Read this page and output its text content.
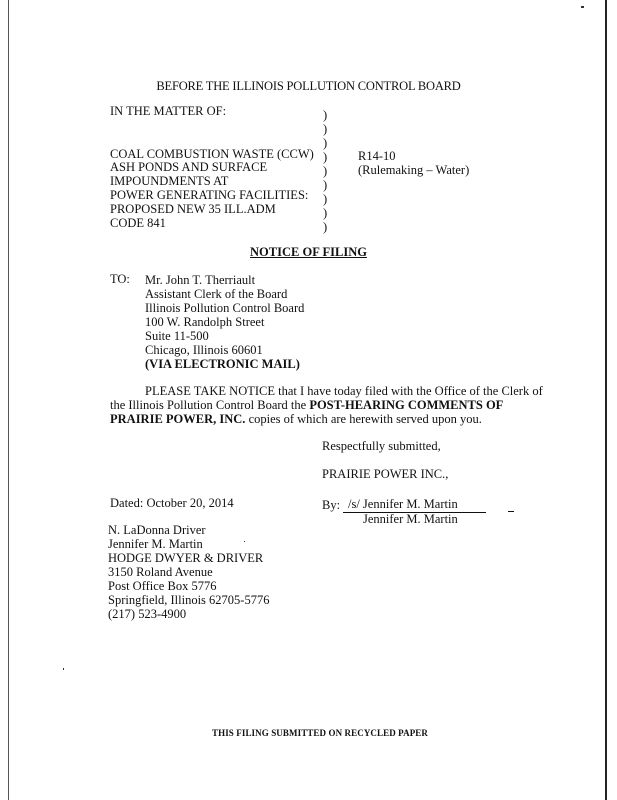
BEFORE THE ILLINOIS POLLUTION CONTROL BOARD
IN THE MATTER OF:
COAL COMBUSTION WASTE (CCW)
ASH PONDS AND SURFACE
IMPOUNDMENTS AT
POWER GENERATING FACILITIES:
PROPOSED NEW 35 ILL.ADM
CODE 841
)
)
)
)
)
)
)
)
)
R14-10
(Rulemaking – Water)
NOTICE OF FILING
TO: Mr. John T. Therriault
Assistant Clerk of the Board
Illinois Pollution Control Board
100 W. Randolph Street
Suite 11-500
Chicago, Illinois 60601
(VIA ELECTRONIC MAIL)
PLEASE TAKE NOTICE that I have today filed with the Office of the Clerk of
the Illinois Pollution Control Board the POST-HEARING COMMENTS OF
PRAIRIE POWER, INC. copies of which are herewith served upon you.
Respectfully submitted,
PRAIRIE POWER INC.,
Dated: October 20, 2014	By: /s/ Jennifer M. Martin
Jennifer M. Martin
N. LaDonna Driver
Jennifer M. Martin
HODGE DWYER & DRIVER
3150 Roland Avenue
Post Office Box 5776
Springfield, Illinois 62705-5776
(217) 523-4900
THIS FILING SUBMITTED ON RECYCLED PAPER
